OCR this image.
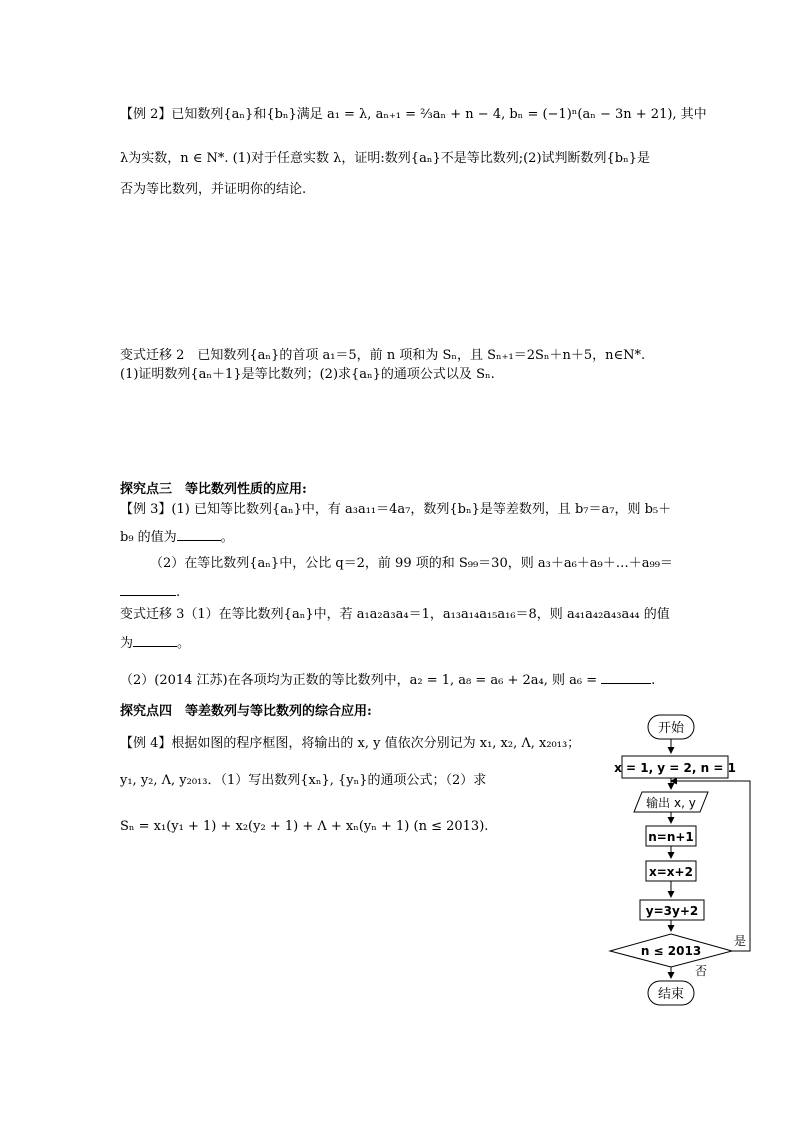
【例 2】已知数列{aₙ}和{bₙ}满足 a₁ = λ, aₙ₊₁ = ⅔aₙ + n − 4, bₙ = (−1)ⁿ(aₙ − 3n + 21), 其中
λ为实数，n ∈ N*. (1)对于任意实数 λ，证明:数列{aₙ}不是等比数列;(2)试判断数列{bₙ}是
否为等比数列，并证明你的结论.
变式迁移 2　已知数列{aₙ}的首项 a₁＝5，前 n 项和为 Sₙ，且 Sₙ₊₁＝2Sₙ＋n＋5，n∈N*.
(1)证明数列{aₙ＋1}是等比数列；(2)求{aₙ}的通项公式以及 Sₙ.
探究点三　等比数列性质的应用:
【例 3】(1) 已知等比数列{aₙ}中，有 a₃a₁₁＝4a₇，数列{bₙ}是等差数列，且 b₇＝a₇，则 b₅＋
b₉ 的值为	。
（2）在等比数列{aₙ}中，公比 q＝2，前 99 项的和 S₉₉＝30，则 a₃＋a₆＋a₉＋…＋a₉₉＝
.
变式迁移 3（1）在等比数列{aₙ}中，若 a₁a₂a₃a₄＝1，a₁₃a₁₄a₁₅a₁₆＝8，则 a₄₁a₄₂a₄₃a₄₄ 的值
为	。
（2）(2014 江苏)在各项均为正数的等比数列中，a₂ = 1, a₈ = a₆ + 2a₄, 则 a₆ =	.
探究点四　等差数列与等比数列的综合应用:
【例 4】根据如图的程序框图，将输出的 x, y 值依次分别记为 x₁, x₂, Λ, x₂₀₁₃；
y₁, y₂, Λ, y₂₀₁₃．（1）写出数列{xₙ}, {yₙ}的通项公式；（2）求
Sₙ = x₁(y₁ + 1) + x₂(y₂ + 1) + Λ + xₙ(yₙ + 1) (n ≤ 2013).
开始
x = 1, y = 2, n = 1
输出 x, y
n=n+1
x=x+2
y=3y+2
n ≤ 2013
是
否
结束
